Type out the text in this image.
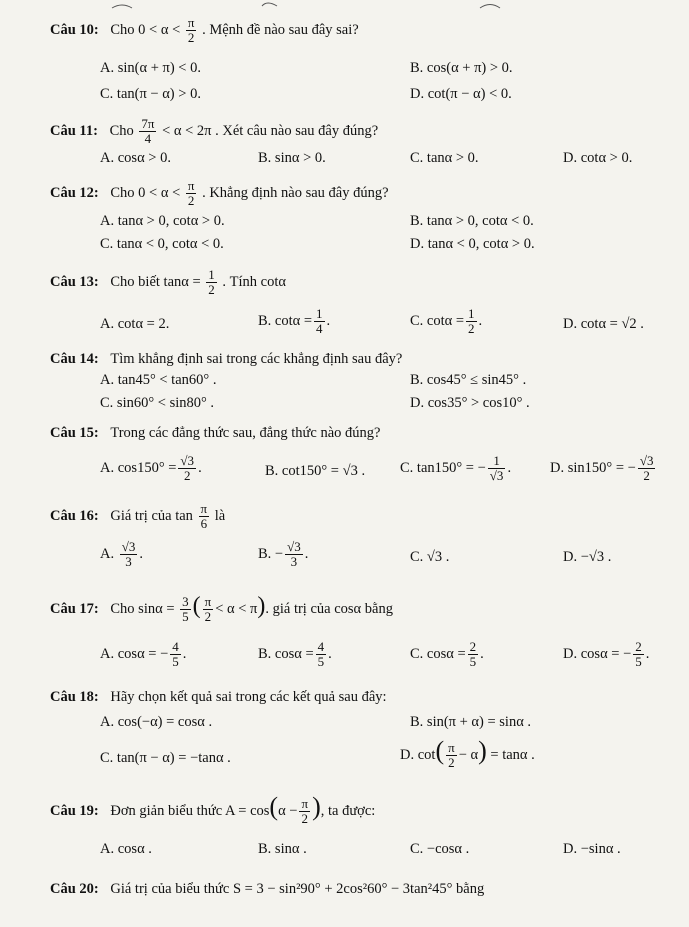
Câu 10: Cho $0 < \alpha < \frac{\pi}{2}$ . Mệnh đề nào sau đây sai?
A. sin(α + π) < 0.	B. cos(α + π) > 0.
C. tan(π − α) > 0.	D. cot(π − α) < 0.
Câu 11: Cho $\frac{7\pi}{4} < \alpha < 2\pi$ . Xét câu nào sau đây đúng?
A. cosα > 0.	B. sinα > 0.	C. tanα > 0.	D. cotα > 0.
Câu 12: Cho $0 < \alpha < \frac{\pi}{2}$ . Khẳng định nào sau đây đúng?
A. tanα > 0, cotα > 0.	B. tanα > 0, cotα < 0.
C. tanα < 0, cotα < 0.	D. tanα < 0, cotα > 0.
Câu 13: Cho biết $\tan\alpha = \frac{1}{2}$ . Tính cotα
A. cotα = 2.	B. $\cot\alpha = \frac{1}{4}$ .	C. $\cot\alpha = \frac{1}{2}$ .	D. cotα = √2 .
Câu 14: Tìm khẳng định sai trong các khẳng định sau đây?
A. tan45° < tan60° .	B. cos45° ≤ sin45° .
C. sin60° < sin80° .	D. cos35° > cos10° .
Câu 15: Trong các đẳng thức sau, đẳng thức nào đúng?
A. $\cos 150^\circ = \frac{√3}{2}$ .	B. cot150° = √3 . C. tan150° = − $\frac{1}{√3}$ .	D. sin150° = − $\frac{√3}{2}$
Câu 16: Giá trị của $\tan \frac{\pi}{6}$ là
A. $\frac{√3}{3}$ .	B. − $\frac{√3}{3}$ .	C. √3 .	D. −√3 .
Câu 17: Cho $\sin\alpha = \frac{3}{5}$ ( $\frac{\pi}{2} < \alpha < \pi$). giá trị của cosα bằng
A. cosα = − $\frac{4}{5}$ .	B. $\cos\alpha = \frac{4}{5}$ .	C. $\cos\alpha = \frac{2}{5}$ .	D. cosα = − $\frac{2}{5}$ .
Câu 18: Hãy chọn kết quả sai trong các kết quả sau đây:
A. cos(−α) = cosα .	B. sin(π + α) = sinα .
C. tan(π − α) = −tanα .	D. $\cot( \frac{\pi}{2} - \alpha) = \tan\alpha$ .
Câu 19: Đơn giản biểu thức $A = \cos(\alpha - \frac{\pi}{2}$ ), ta được:
A. cosα .	B. sinα .	C. −cosα .	D. −sinα .
Câu 20: Giá trị của biểu thức S = 3 − sin²90° + 2cos²60° − 3tan²45° bằng
